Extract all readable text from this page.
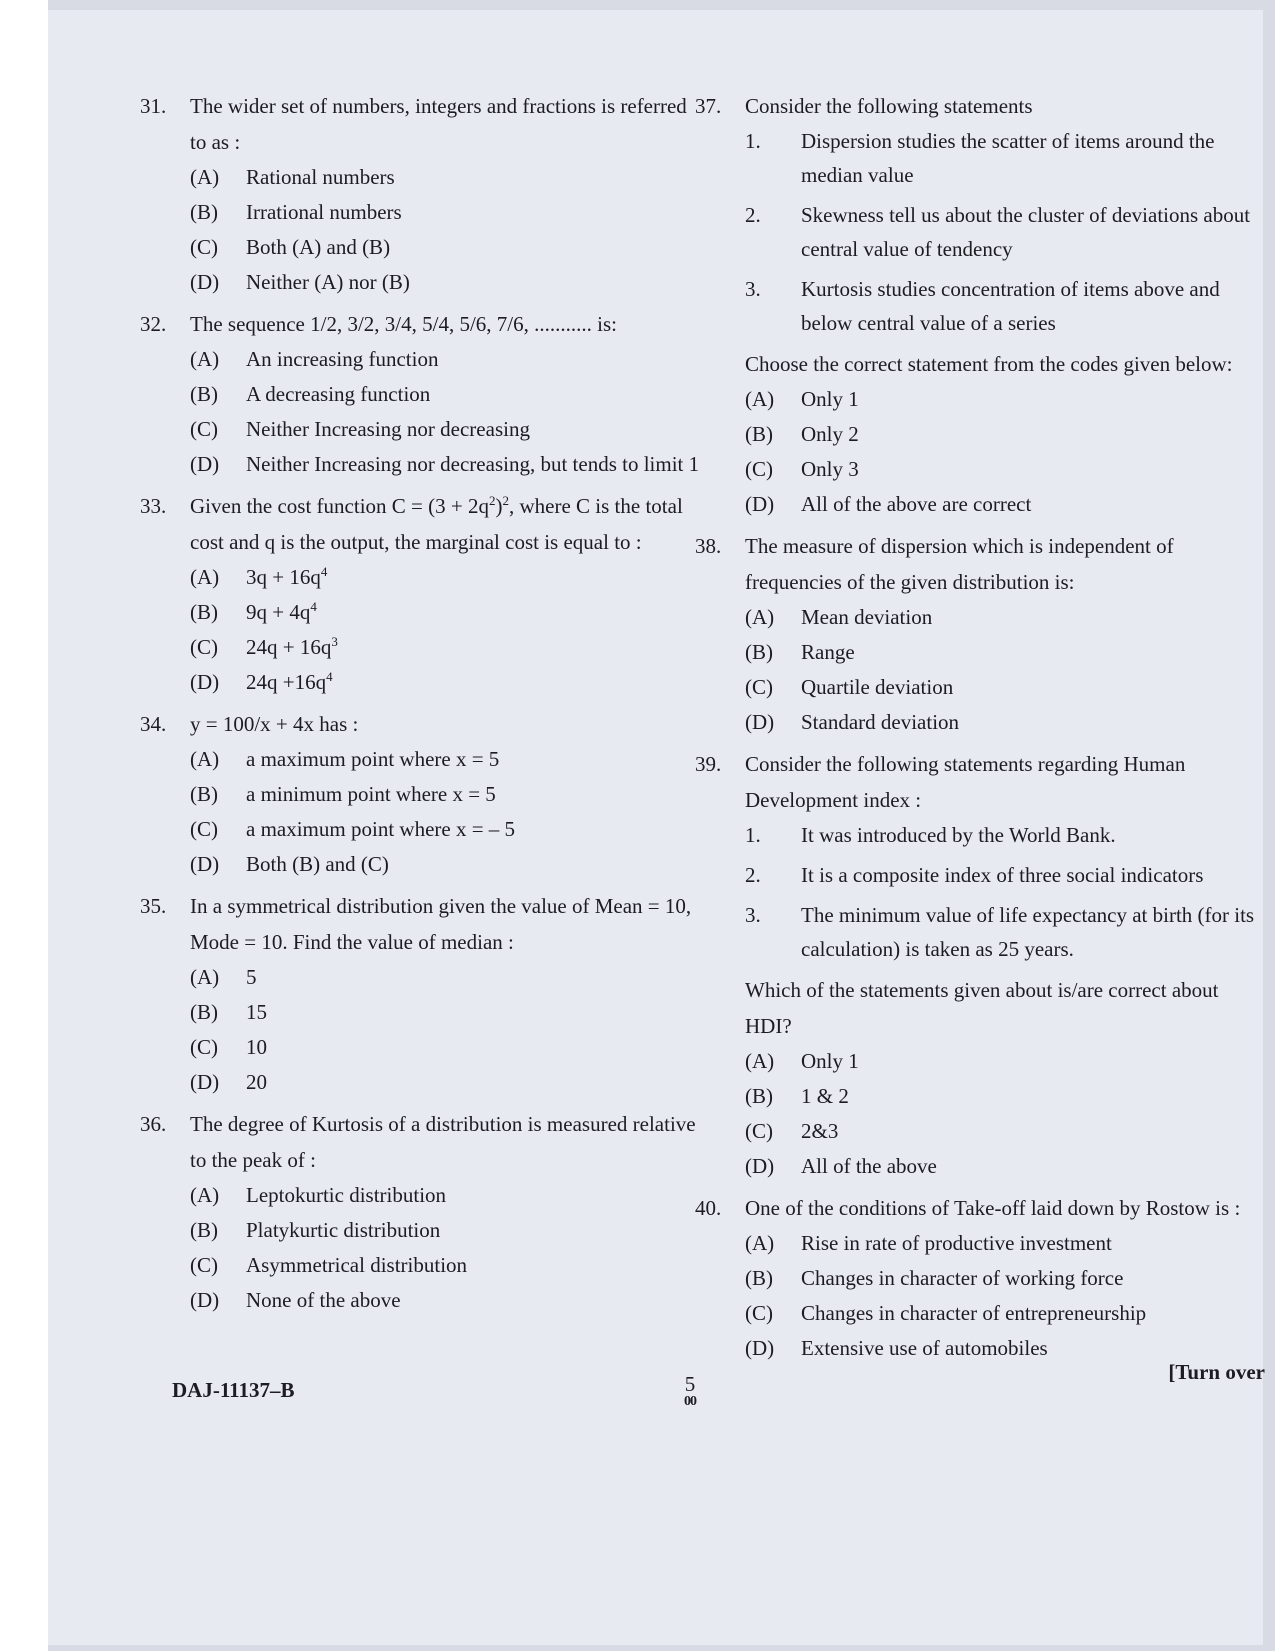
31.	The wider set of numbers, integers and fractions is referred to as :
(A)	Rational numbers
(B)	Irrational numbers
(C)	Both (A) and (B)
(D)	Neither (A) nor (B)
32.	The sequence 1/2, 3/2, 3/4, 5/4, 5/6, 7/6, ........... is:
(A)	An increasing function
(B)	A decreasing function
(C)	Neither Increasing nor decreasing
(D)	Neither Increasing nor decreasing, but tends to limit 1
33.	Given the cost function $C = (3 + 2q^2)^2$, where C is the total cost and q is the output, the marginal cost is equal to :
(A)	$3q + 16q^4$
(B)	$9q + 4q^4$
(C)	$24q + 16q^3$
(D)	$24q +16q^4$
34.	y = 100/x + 4x has :
(A)	a maximum point where x = 5
(B)	a minimum point where x = 5
(C)	a maximum point where x = – 5
(D)	Both (B) and (C)
35.	In a symmetrical distribution given the value of Mean = 10, Mode = 10. Find the value of median :
(A)	5
(B)	15
(C)	10
(D)	20
36.	The degree of Kurtosis of a distribution is measured relative to the peak of :
(A)	Leptokurtic distribution
(B)	Platykurtic distribution
(C)	Asymmetrical distribution
(D)	None of the above
37.	Consider the following statements
1.	Dispersion studies the scatter of items around the median value
2.	Skewness tell us about the cluster of deviations about central value of tendency
3.	Kurtosis studies concentration of items above and below central value of a series
Choose the correct statement from the codes given below:
(A)	Only 1
(B)	Only 2
(C)	Only 3
(D)	All of the above are correct
38.	The measure of dispersion which is independent of frequencies of the given distribution is:
(A)	Mean deviation
(B)	Range
(C)	Quartile deviation
(D)	Standard deviation
39.	Consider the following statements regarding Human Development index :
1.	It was introduced by the World Bank.
2.	It is a composite index of three social indicators
3.	The minimum value of life expectancy at birth (for its calculation) is taken as 25 years.
Which of the statements given about is/are correct about HDI?
(A)	Only 1
(B)	1 & 2
(C)	2&3
(D)	All of the above
40.	One of the conditions of Take-off laid down by Rostow is :
(A)	Rise in rate of productive investment
(B)	Changes in character of working force
(C)	Changes in character of entrepreneurship
(D)	Extensive use of automobiles
DAJ-11137–B	5
00
[Turn over
